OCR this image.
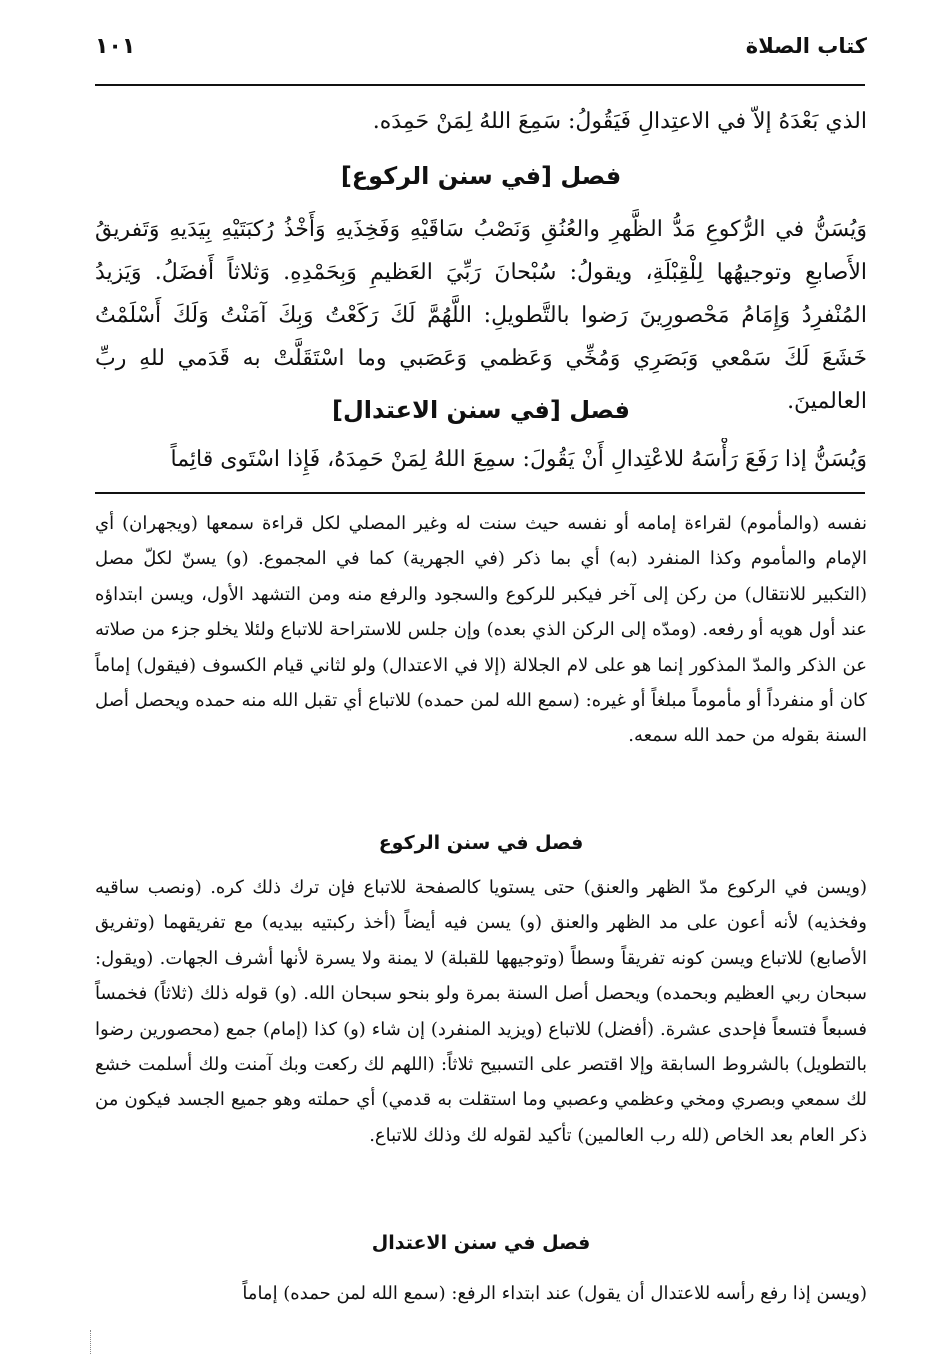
كتاب الصلاة
١٠١

الذي بَعْدَهُ إلاّ في الاعتِدالِ فَيَقُولُ: سَمِعَ اللهُ لِمَنْ حَمِدَه.

فصل [في سنن الركوع]

وَيُسَنُّ في الرُّكوعِ مَدُّ الظَّهرِ والعُنُقِ وَنَصْبُ سَاقَيْهِ وَفَخِذَيهِ وَأَخْذُ رُكبَتَيْهِ بِيَدَيهِ وَتَفريقُ الأَصابعِ وتوجيهُها لِلْقِبْلَةِ، ويقولُ: سُبْحانَ رَبِّيَ العَظيمِ وَبِحَمْدِهِ. وَثلاثاً أَفضَلُ. وَيَزيدُ المُنْفرِدُ وَإِمَامُ مَحْصورِينَ رَضوا بالتَّطويلِ: اللَّهُمَّ لَكَ رَكَعْتُ وَبِكَ آمَنْتُ وَلَكَ أَسْلَمْتُ خَشَعَ لَكَ سَمْعي وَبَصَرِي وَمُخِّي وَعَظمي وَعَصَبي وما اسْتَقَلَّتْ به قَدَمي للهِ ربِّ العالمينَ.

فصل [في سنن الاعتدال]

وَيُسَنُّ إذا رَفَعَ رَأْسَهُ للاعْتِدالِ أَنْ يَقُولَ: سمِعَ اللهُ لِمَنْ حَمِدَهُ، فَإِذا اسْتَوى قائِماً

نفسه (والمأموم) لقراءة إمامه أو نفسه حيث سنت له وغير المصلي لكل قراءة سمعها (ويجهران) أي الإمام والمأموم وكذا المنفرد (به) أي بما ذكر (في الجهرية) كما في المجموع. (و) يسنّ لكلّ مصل (التكبير للانتقال) من ركن إلى آخر فيكبر للركوع والسجود والرفع منه ومن التشهد الأول، ويسن ابتداؤه عند أول هويه أو رفعه. (ومدّه إلى الركن الذي بعده) وإن جلس للاستراحة للاتباع ولئلا يخلو جزء من صلاته عن الذكر والمدّ المذكور إنما هو على لام الجلالة (إلا في الاعتدال) ولو لثاني قيام الكسوف (فيقول) إماماً كان أو منفرداً أو مأموماً مبلغاً أو غيره: (سمع الله لمن حمده) للاتباع أي تقبل الله منه حمده ويحصل أصل السنة بقوله من حمد الله سمعه.

فصل في سنن الركوع

(ويسن في الركوع مدّ الظهر والعنق) حتى يستويا كالصفحة للاتباع فإن ترك ذلك كره. (ونصب ساقيه وفخذيه) لأنه أعون على مد الظهر والعنق (و) يسن فيه أيضاً (أخذ ركبتيه بيديه) مع تفريقهما (وتفريق الأصابع) للاتباع ويسن كونه تفريقاً وسطاً (وتوجيهها للقبلة) لا يمنة ولا يسرة لأنها أشرف الجهات. (ويقول: سبحان ربي العظيم وبحمده) ويحصل أصل السنة بمرة ولو بنحو سبحان الله. (و) قوله ذلك (ثلاثاً) فخمساً فسبعاً فتسعاً فإحدى عشرة. (أفضل) للاتباع (ويزيد المنفرد) إن شاء (و) كذا (إمام) جمع (محصورين رضوا بالتطويل) بالشروط السابقة وإلا اقتصر على التسبيح ثلاثاً: (اللهم لك ركعت وبك آمنت ولك أسلمت خشع لك سمعي وبصري ومخي وعظمي وعصبي وما استقلت به قدمي) أي حملته وهو جميع الجسد فيكون من ذكر العام بعد الخاص (لله رب العالمين) تأكيد لقوله لك وذلك للاتباع.

فصل في سنن الاعتدال

(ويسن إذا رفع رأسه للاعتدال أن يقول) عند ابتداء الرفع: (سمع الله لمن حمده) إماماً
